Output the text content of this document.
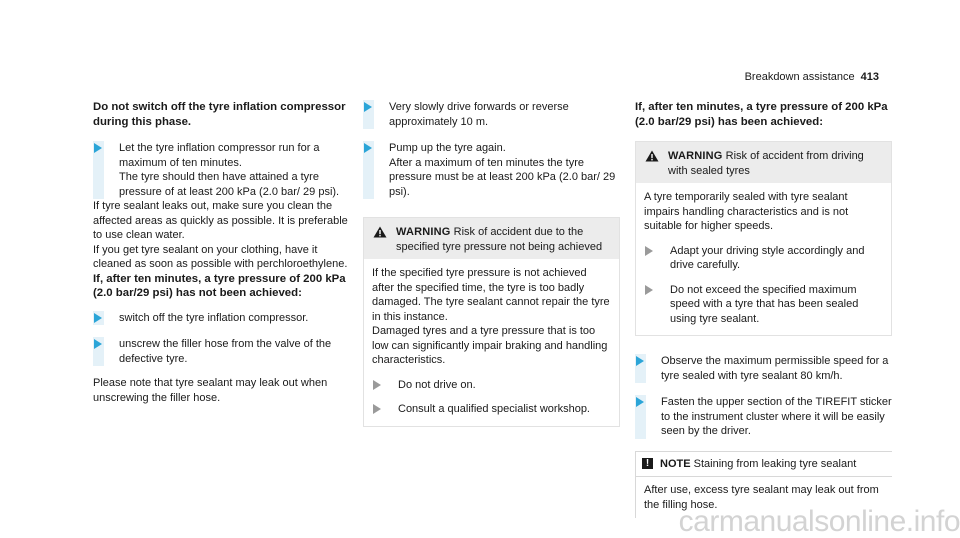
Breakdown assistance 413

Do not switch off the tyre inflation compressor during this phase.

Let the tyre inflation compressor run for a maximum of ten minutes.

The tyre should then have attained a tyre pressure of at least 200 kPa (2.0 bar/ 29 psi).

If tyre sealant leaks out, make sure you clean the affected areas as quickly as possible. It is preferable to use clean water.

If you get tyre sealant on your clothing, have it cleaned as soon as possible with perchloroethylene.

If, after ten minutes, a tyre pressure of 200 kPa (2.0 bar/29 psi) has not been achieved:

switch off the tyre inflation compressor.

unscrew the filler hose from the valve of the defective tyre.

Please note that tyre sealant may leak out when unscrewing the filler hose.

Very slowly drive forwards or reverse approximately 10 m.

Pump up the tyre again.

After a maximum of ten minutes the tyre pressure must be at least 200 kPa (2.0 bar/ 29 psi).

WARNING Risk of accident due to the specified tyre pressure not being achieved

If the specified tyre pressure is not achieved after the specified time, the tyre is too badly damaged. The tyre sealant cannot repair the tyre in this instance.

Damaged tyres and a tyre pressure that is too low can significantly impair braking and handling characteristics.

Do not drive on.

Consult a qualified specialist workshop.

If, after ten minutes, a tyre pressure of 200 kPa (2.0 bar/29 psi) has been achieved:

WARNING Risk of accident from driving with sealed tyres

A tyre temporarily sealed with tyre sealant impairs handling characteristics and is not suitable for higher speeds.

Adapt your driving style accordingly and drive carefully.

Do not exceed the specified maximum speed with a tyre that has been sealed using tyre sealant.

Observe the maximum permissible speed for a tyre sealed with tyre sealant 80 km/h.

Fasten the upper section of the TIREFIT sticker to the instrument cluster where it will be easily seen by the driver.

! NOTE Staining from leaking tyre sealant

After use, excess tyre sealant may leak out from the filling hose.

carmanualsonline.info
